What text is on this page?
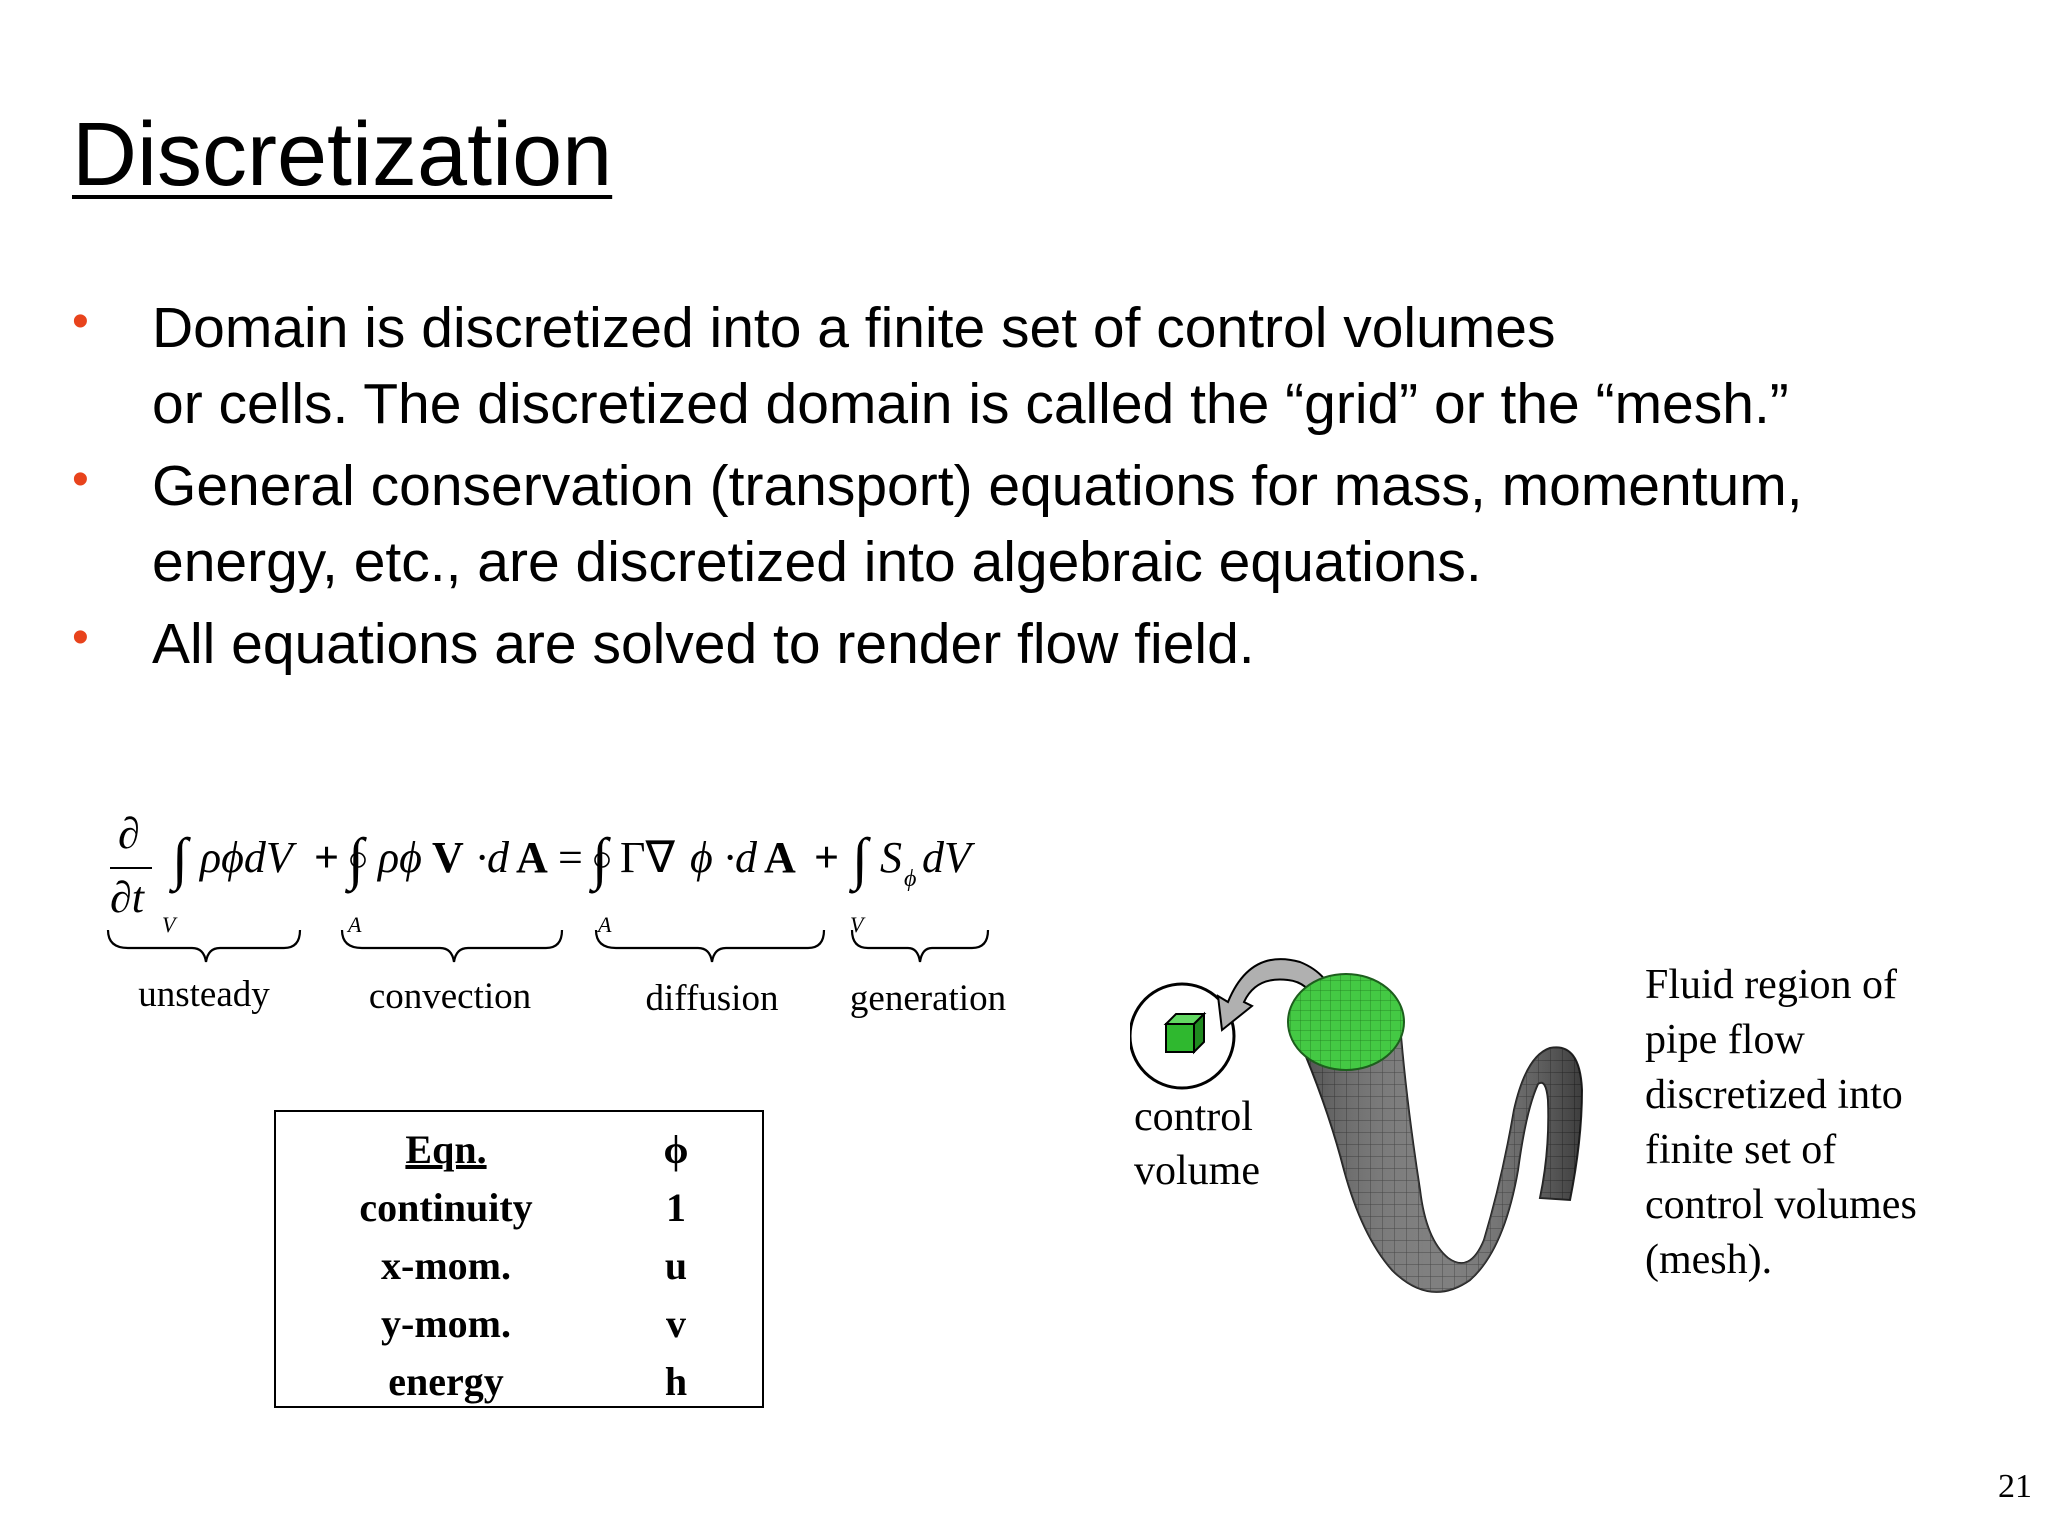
Discretization
• Domain is discretized into a finite set of control volumes
or cells. The discretized domain is called the “grid” or the “mesh.”
• General conservation (transport) equations for mass, momentum,
energy, etc., are discretized into algebraic equations.
• All equations are solved to render flow field.
∂
∂t
∫ ρϕdV
V
+ ∫ ρϕ V ·d A
A
= ∫ Γ∇ ϕ ·d A
A
+ ∫ S ϕ dV
V
unsteady	convection	diffusion generation
Eqn.	ϕ
continuity	1
x-mom.	u
y-mom.	v
energy	h
control
volume
Fluid region of
pipe flow
discretized into
finite set of
control volumes
(mesh).
21
